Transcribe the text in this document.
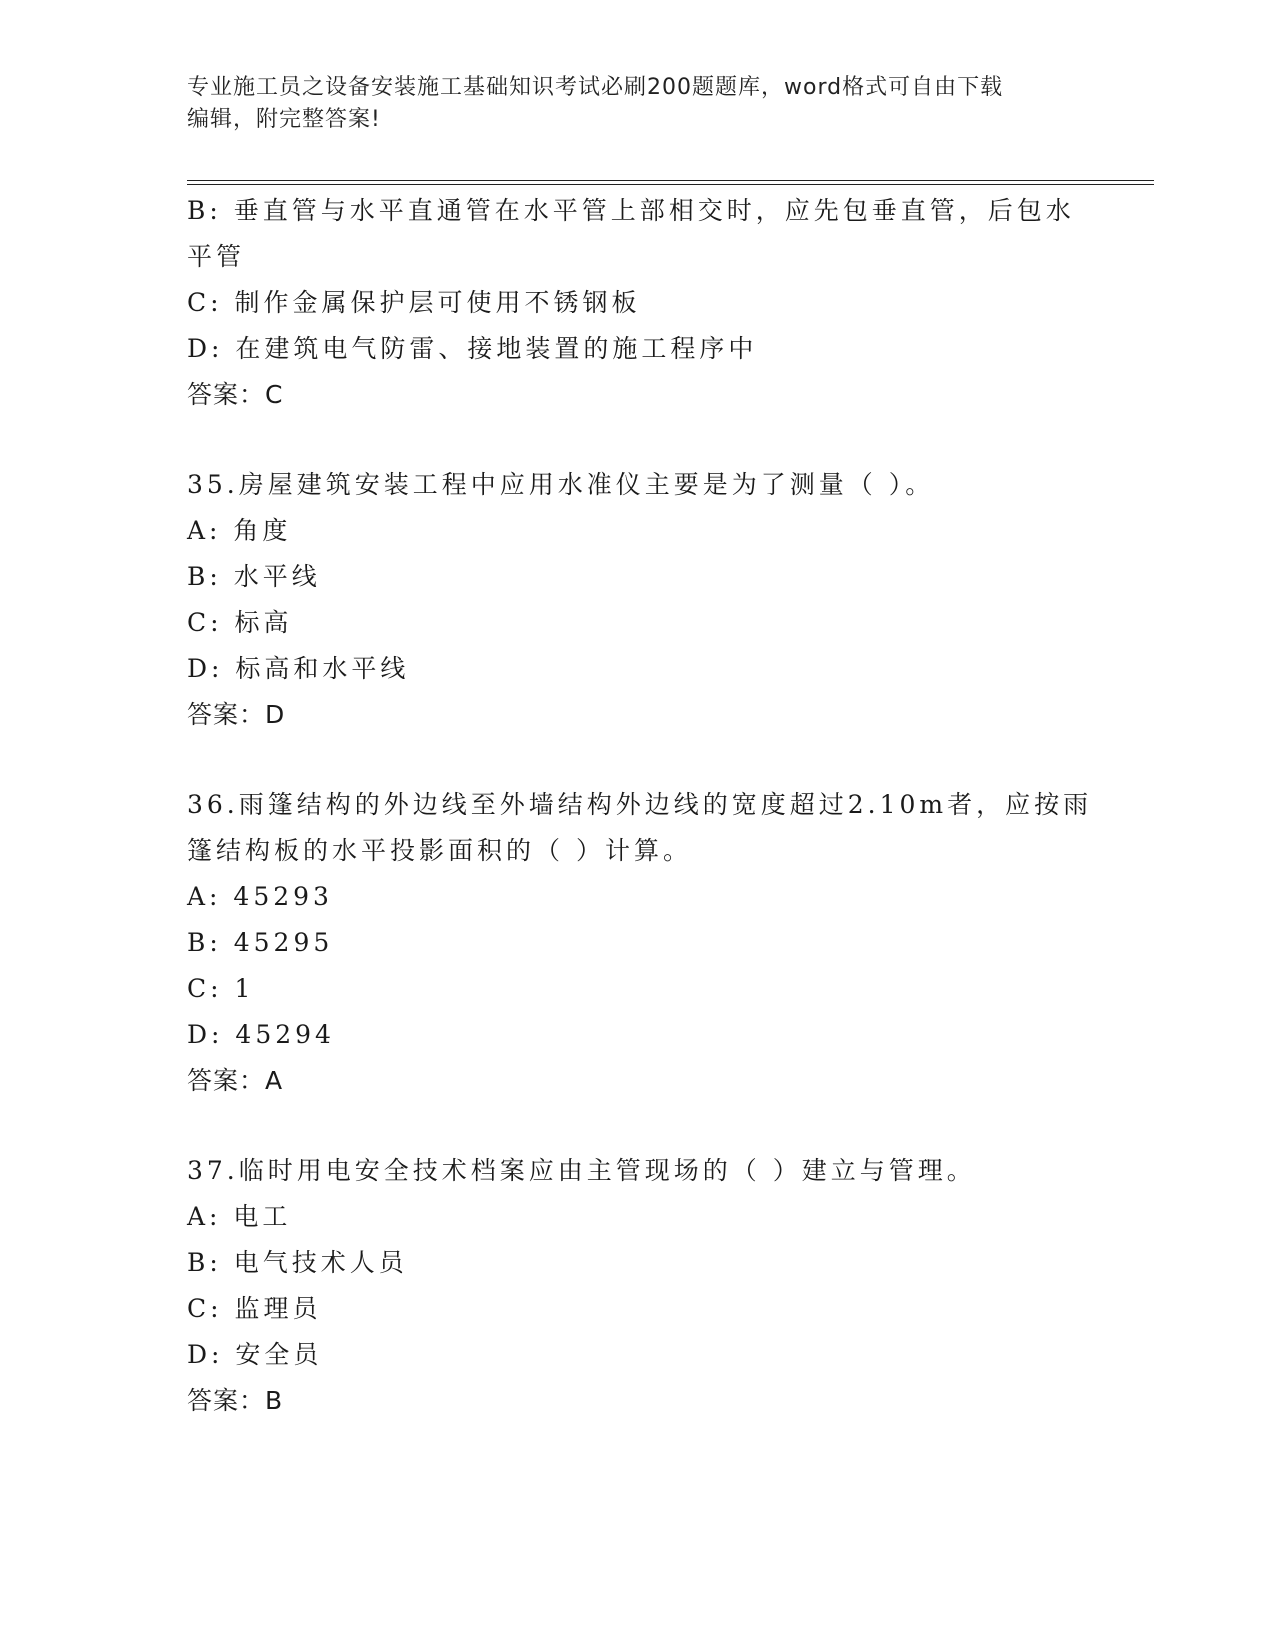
专业施工员之设备安装施工基础知识考试必刷200题题库，word格式可自由下载
编辑，附完整答案!
B: 垂直管与水平直通管在水平管上部相交时，应先包垂直管，后包水
平管
C: 制作金属保护层可使用不锈钢板
D: 在建筑电气防雷、接地装置的施工程序中
答案：C
35.房屋建筑安装工程中应用水准仪主要是为了测量（ ）。
A: 角度
B: 水平线
C: 标高
D: 标高和水平线
答案：D
36.雨篷结构的外边线至外墙结构外边线的宽度超过2.10m者，应按雨
篷结构板的水平投影面积的（ ）计算。
A: 45293
B: 45295
C: 1
D: 45294
答案：A
37.临时用电安全技术档案应由主管现场的（ ）建立与管理。
A: 电工
B: 电气技术人员
C: 监理员
D: 安全员
答案：B
